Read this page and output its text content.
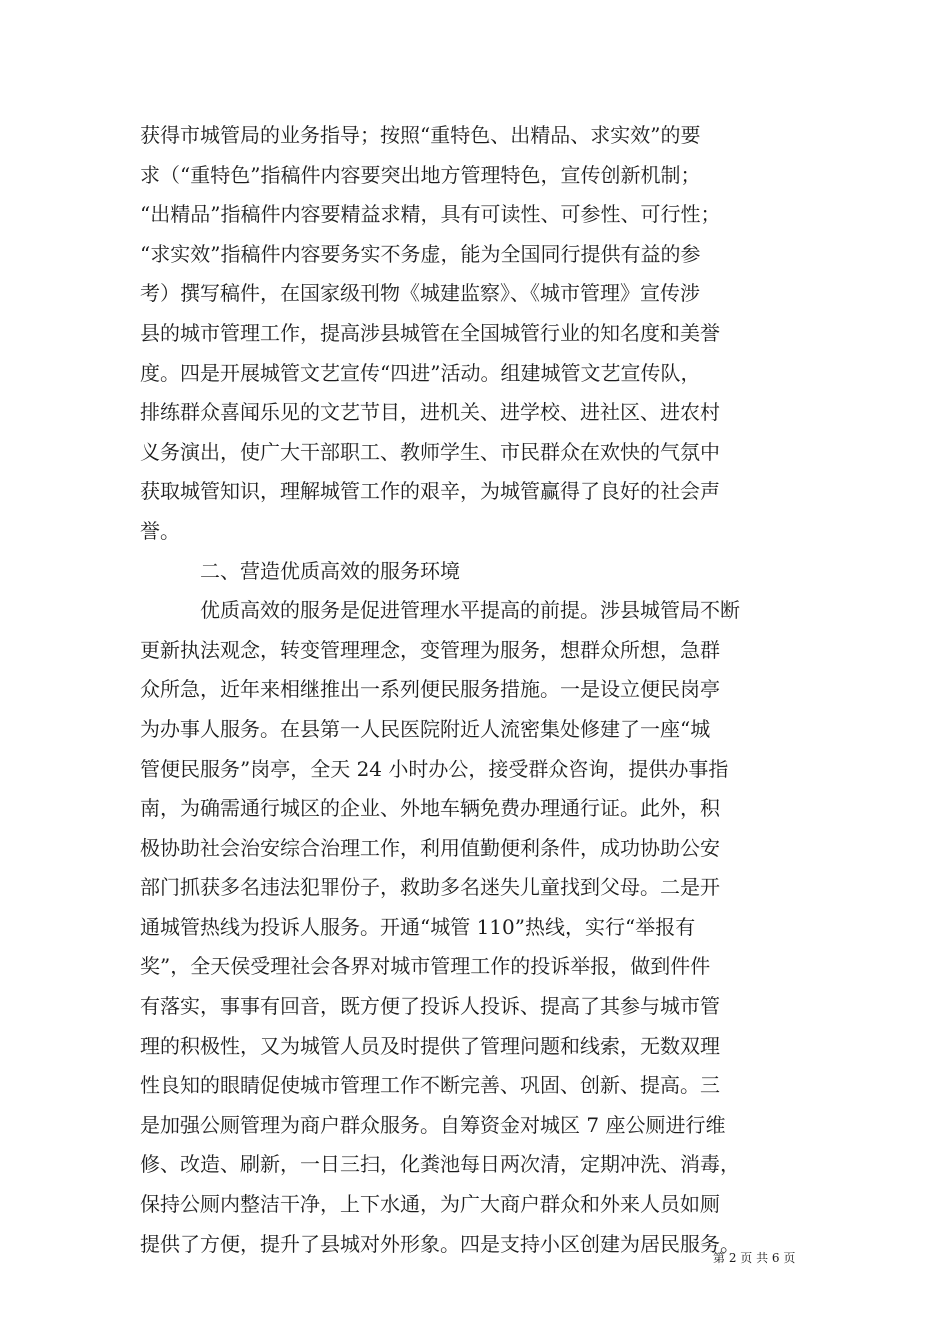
获得市城管局的业务指导；按照“重特色、出精品、求实效”的要
求（“重特色”指稿件内容要突出地方管理特色，宣传创新机制；
“出精品”指稿件内容要精益求精，具有可读性、可参性、可行性；
“求实效”指稿件内容要务实不务虚，能为全国同行提供有益的参
考）撰写稿件，在国家级刊物《城建监察》、《城市管理》宣传涉
县的城市管理工作，提高涉县城管在全国城管行业的知名度和美誉
度。四是开展城管文艺宣传“四进”活动。组建城管文艺宣传队，
排练群众喜闻乐见的文艺节目，进机关、进学校、进社区、进农村
义务演出，使广大干部职工、教师学生、市民群众在欢快的气氛中
获取城管知识，理解城管工作的艰辛，为城管赢得了良好的社会声
誉。
二、营造优质高效的服务环境
优质高效的服务是促进管理水平提高的前提。涉县城管局不断
更新执法观念，转变管理理念，变管理为服务，想群众所想，急群
众所急，近年来相继推出一系列便民服务措施。一是设立便民岗亭
为办事人服务。在县第一人民医院附近人流密集处修建了一座“城
管便民服务”岗亭，全天 24 小时办公，接受群众咨询，提供办事指
南，为确需通行城区的企业、外地车辆免费办理通行证。此外，积
极协助社会治安综合治理工作，利用值勤便利条件，成功协助公安
部门抓获多名违法犯罪份子，救助多名迷失儿童找到父母。二是开
通城管热线为投诉人服务。开通“城管 110”热线，实行“举报有
奖”，全天侯受理社会各界对城市管理工作的投诉举报，做到件件
有落实，事事有回音，既方便了投诉人投诉、提高了其参与城市管
理的积极性，又为城管人员及时提供了管理问题和线索，无数双理
性良知的眼睛促使城市管理工作不断完善、巩固、创新、提高。三
是加强公厕管理为商户群众服务。自筹资金对城区 7 座公厕进行维
修、改造、刷新，一日三扫，化粪池每日两次清，定期冲洗、消毒，
保持公厕内整洁干净，上下水通，为广大商户群众和外来人员如厕
提供了方便，提升了县城对外形象。四是支持小区创建为居民服务。
第 2 页 共 6 页
